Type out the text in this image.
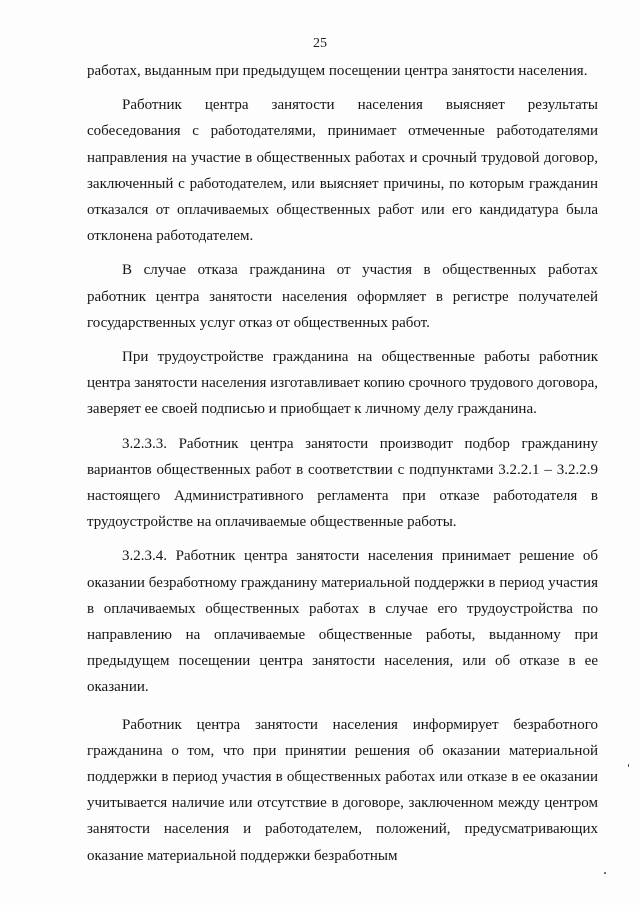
25

работах, выданным при предыдущем посещении центра занятости населения.

Работник центра занятости населения выясняет результаты собеседования с работодателями, принимает отмеченные работодателями направления на участие в общественных работах и срочный трудовой договор, заключенный с работодателем, или выясняет причины, по которым гражданин отказался от оплачиваемых общественных работ или его кандидатура была отклонена работодателем.

В случае отказа гражданина от участия в общественных работах работник центра занятости населения оформляет в регистре получателей государственных услуг отказ от общественных работ.

При трудоустройстве гражданина на общественные работы работник центра занятости населения изготавливает копию срочного трудового договора, заверяет ее своей подписью и приобщает к личному делу гражданина.

3.2.3.3. Работник центра занятости производит подбор гражданину вариантов общественных работ в соответствии с подпунктами 3.2.2.1 – 3.2.2.9 настоящего Административного регламента при отказе работодателя в трудоустройстве на оплачиваемые общественные работы.

3.2.3.4. Работник центра занятости населения принимает решение об оказании безработному гражданину материальной поддержки в период участия в оплачиваемых общественных работах в случае его трудоустройства по направлению на оплачиваемые общественные работы, выданному при предыдущем посещении центра занятости населения, или об отказе в ее оказании.

Работник центра занятости населения информирует безработного гражданина о том, что при принятии решения об оказании материальной поддержки в период участия в общественных работах или отказе в ее оказании учитывается наличие или отсутствие в договоре, заключенном между центром занятости населения и работодателем, положений, предусматривающих оказание материальной поддержки безработным
